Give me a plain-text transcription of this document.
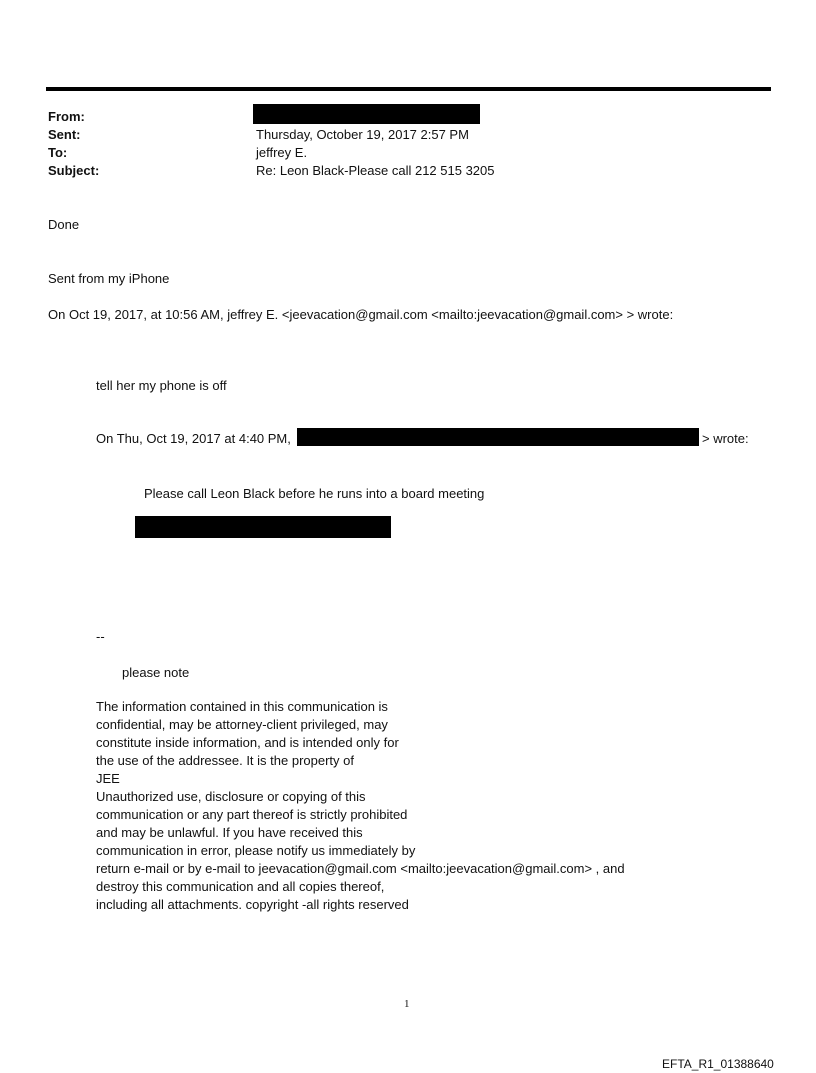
From:
Sent:	Thursday, October 19, 2017 2:57 PM
To:	jeffrey E.
Subject:	Re: Leon Black-Please call 212 515 3205
Done
Sent from my iPhone
On Oct 19, 2017, at 10:56 AM, jeffrey E. <jeevacation@gmail.com <mailto:jeevacation@gmail.com> > wrote:
tell her my phone is off
On Thu, Oct 19, 2017 at 4:40 PM,	> wrote:
Please call Leon Black before he runs into a board meeting
--
please note
The information contained in this communication is
confidential, may be attorney-client privileged, may
constitute inside information, and is intended only for
the use of the addressee. It is the property of
JEE
Unauthorized use, disclosure or copying of this
communication or any part thereof is strictly prohibited
and may be unlawful. If you have received this
communication in error, please notify us immediately by
return e-mail or by e-mail to jeevacation@gmail.com <mailto:jeevacation@gmail.com> , and
destroy this communication and all copies thereof,
including all attachments. copyright -all rights reserved
1
EFTA_R1_01388640
